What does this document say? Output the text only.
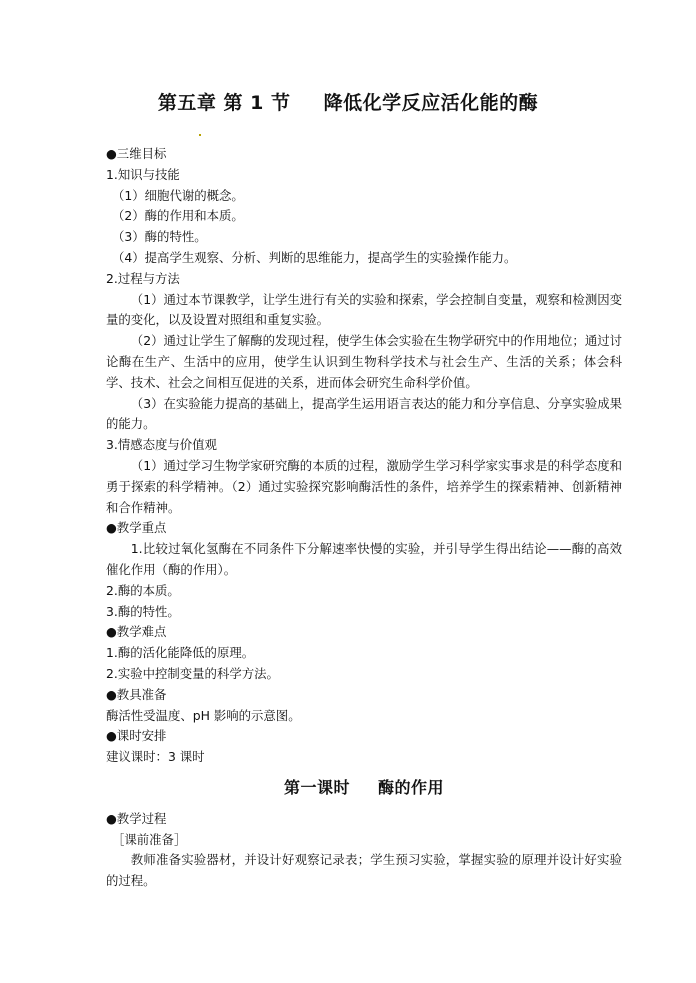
第五章 第 1 节 降低化学反应活化能的酶
●三维目标
1.知识与技能
（1）细胞代谢的概念。
（2）酶的作用和本质。
（3）酶的特性。
（4）提高学生观察、分析、判断的思维能力，提高学生的实验操作能力。
2.过程与方法
（1）通过本节课教学，让学生进行有关的实验和探索，学会控制自变量，观察和检测因变量的变化，以及设置对照组和重复实验。
（2）通过让学生了解酶的发现过程，使学生体会实验在生物学研究中的作用地位；通过讨论酶在生产、生活中的应用，使学生认识到生物科学技术与社会生产、生活的关系；体会科学、技术、社会之间相互促进的关系，进而体会研究生命科学价值。
（3）在实验能力提高的基础上，提高学生运用语言表达的能力和分享信息、分享实验成果的能力。
3.情感态度与价值观
（1）通过学习生物学家研究酶的本质的过程，激励学生学习科学家实事求是的科学态度和勇于探索的科学精神。（2）通过实验探究影响酶活性的条件，培养学生的探索精神、创新精神和合作精神。
●教学重点
1.比较过氧化氢酶在不同条件下分解速率快慢的实验，并引导学生得出结论——酶的高效催化作用（酶的作用）。
2.酶的本质。
3.酶的特性。
●教学难点
1.酶的活化能降低的原理。
2.实验中控制变量的科学方法。
●教具准备
酶活性受温度、pH 影响的示意图。
●课时安排
建议课时：3 课时
第一课时 酶的作用
●教学过程
［课前准备］
教师准备实验器材，并设计好观察记录表；学生预习实验，掌握实验的原理并设计好实验的过程。
